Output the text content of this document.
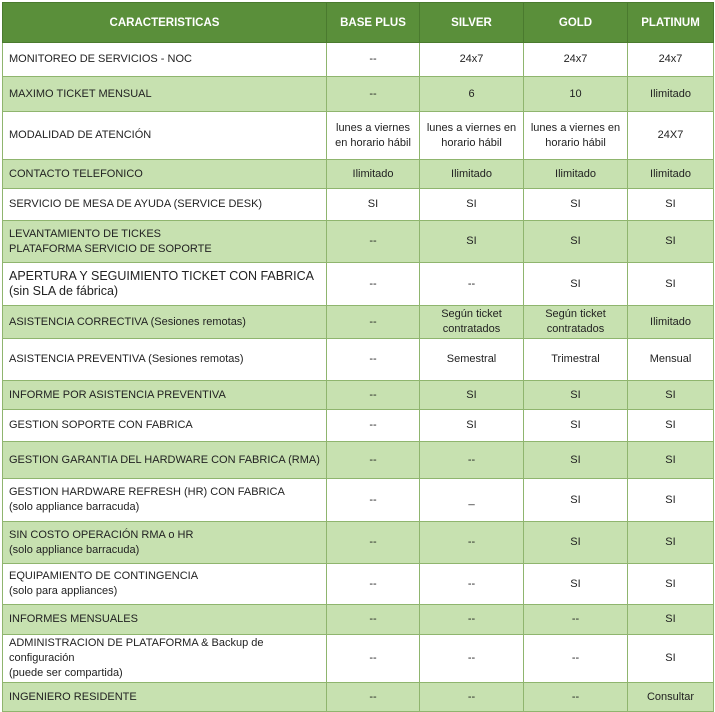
CARACTERISTICAS	BASE PLUS	SILVER	GOLD	PLATINUM

MONITOREO DE SERVICIOS - NOC	--	24x7	24x7	24x7

MAXIMO TICKET MENSUAL	--	6	10	Ilimitado

MODALIDAD DE ATENCIÓN	lunes a viernes en horario hábil	lunes a viernes en horario hábil	lunes a viernes en horario hábil	24X7

CONTACTO TELEFONICO	Ilimitado	Ilimitado	Ilimitado	Ilimitado

SERVICIO DE MESA DE AYUDA (SERVICE DESK)	SI	SI	SI	SI

LEVANTAMIENTO DE TICKES
PLATAFORMA SERVICIO DE SOPORTE	--	SI	SI	SI

APERTURA Y SEGUIMIENTO TICKET CON FABRICA (sin SLA de fábrica)	--	--	SI	SI

ASISTENCIA CORRECTIVA (Sesiones remotas)	--	Según ticket contratados	Según ticket contratados	Ilimitado

ASISTENCIA PREVENTIVA (Sesiones remotas)	--	Semestral	Trimestral	Mensual

INFORME POR ASISTENCIA PREVENTIVA	--	SI	SI	SI

GESTION SOPORTE CON FABRICA	--	SI	SI	SI

GESTION GARANTIA DEL HARDWARE CON FABRICA (RMA)	--	--	SI	SI

GESTION HARDWARE REFRESH (HR) CON FABRICA
(solo appliance barracuda)	--	_	SI	SI

SIN COSTO OPERACIÓN RMA o HR
(solo appliance barracuda)	--	--	SI	SI

EQUIPAMIENTO DE CONTINGENCIA
(solo para appliances)	--	--	SI	SI

INFORMES MENSUALES	--	--	--	SI

ADMINISTRACION DE PLATAFORMA & Backup de configuración
(puede ser compartida)	--	--	--	SI

INGENIERO RESIDENTE	--	--	--	Consultar
